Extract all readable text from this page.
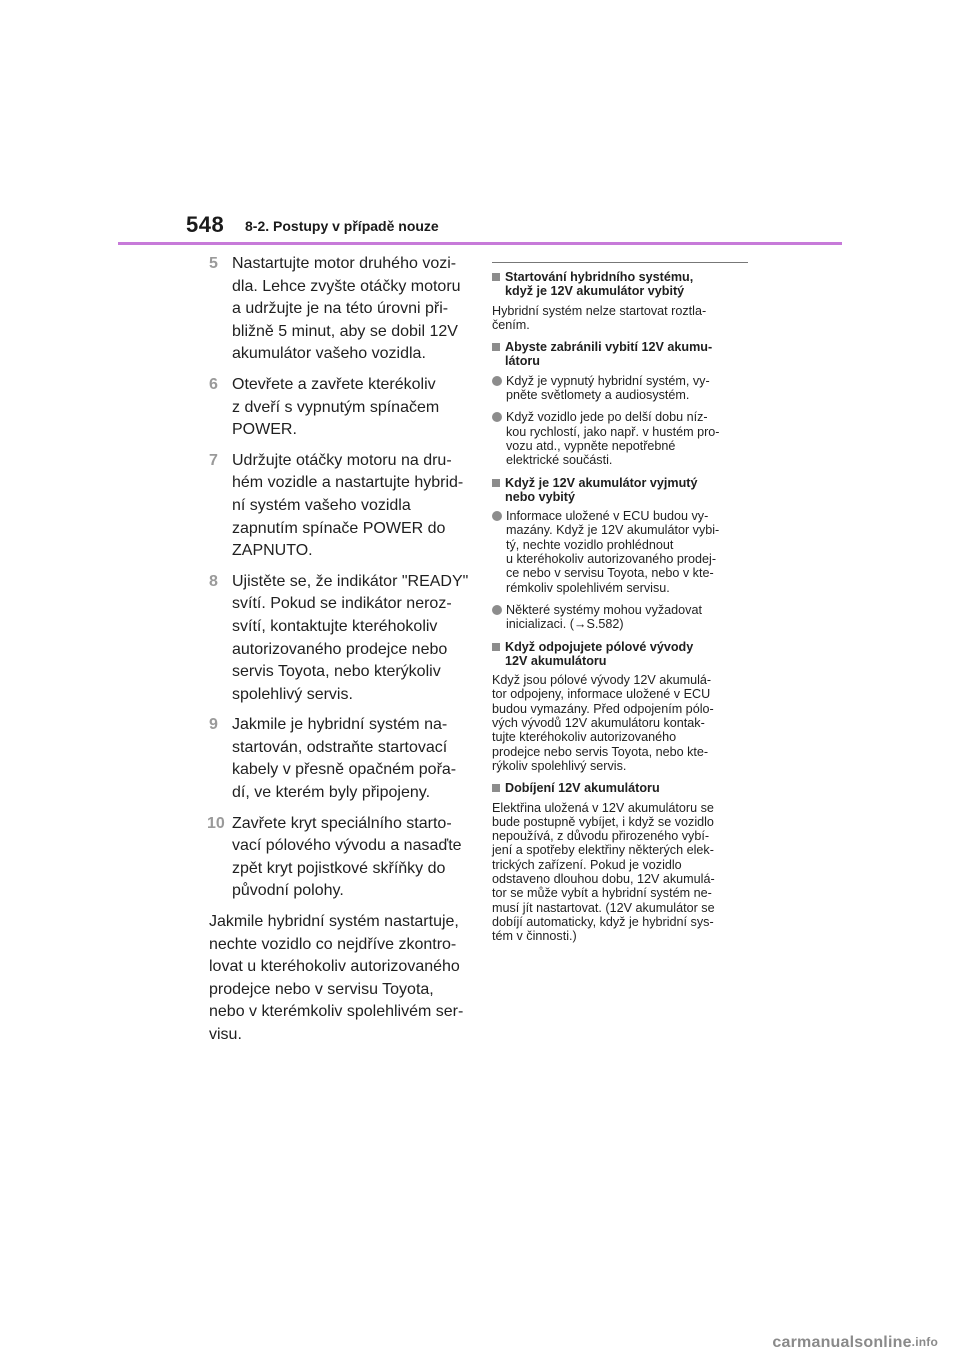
548 8-2. Postupy v případě nouze
5 Nastartujte motor druhého vozi-
dla. Lehce zvyšte otáčky motoru
a udržujte je na této úrovni při-
bližně 5 minut, aby se dobil 12V
akumulátor vašeho vozidla.
6 Otevřete a zavřete kterékoliv
z dveří s vypnutým spínačem
POWER.
7 Udržujte otáčky motoru na dru-
hém vozidle a nastartujte hybrid-
ní systém vašeho vozidla
zapnutím spínače POWER do
ZAPNUTO.
8 Ujistěte se, že indikátor "READY"
svítí. Pokud se indikátor neroz-
svítí, kontaktujte kteréhokoliv
autorizovaného prodejce nebo
servis Toyota, nebo kterýkoliv
spolehlivý servis.
9 Jakmile je hybridní systém na-
startován, odstraňte startovací
kabely v přesně opačném pořa-
dí, ve kterém byly připojeny.
10 Zavřete kryt speciálního starto-
vací pólového vývodu a nasaďte
zpět kryt pojistkové skříňky do
původní polohy.
Jakmile hybridní systém nastartuje,
nechte vozidlo co nejdříve zkontro-
lovat u kteréhokoliv autorizovaného
prodejce nebo v servisu Toyota,
nebo v kterémkoliv spolehlivém ser-
visu.
Startování hybridního systému,
když je 12V akumulátor vybitý
Hybridní systém nelze startovat roztla-
čením.
Abyste zabránili vybití 12V akumu-
látoru
Když je vypnutý hybridní systém, vy-
pněte světlomety a audiosystém.
Když vozidlo jede po delší dobu níz-
kou rychlostí, jako např. v hustém pro-
vozu atd., vypněte nepotřebné
elektrické součásti.
Když je 12V akumulátor vyjmutý
nebo vybitý
Informace uložené v ECU budou vy-
mazány. Když je 12V akumulátor vybi-
tý, nechte vozidlo prohlédnout
u kteréhokoliv autorizovaného prodej-
ce nebo v servisu Toyota, nebo v kte-
rémkoliv spolehlivém servisu.
Některé systémy mohou vyžadovat
inicializaci. (→S.582)
Když odpojujete pólové vývody
12V akumulátoru
Když jsou pólové vývody 12V akumulá-
tor odpojeny, informace uložené v ECU
budou vymazány. Před odpojením pólo-
vých vývodů 12V akumulátoru kontak-
tujte kteréhokoliv autorizovaného
prodejce nebo servis Toyota, nebo kte-
rýkoliv spolehlivý servis.
Dobíjení 12V akumulátoru
Elektřina uložená v 12V akumulátoru se
bude postupně vybíjet, i když se vozidlo
nepoužívá, z důvodu přirozeného vybí-
jení a spotřeby elektřiny některých elek-
trických zařízení. Pokud je vozidlo
odstaveno dlouhou dobu, 12V akumulá-
tor se může vybít a hybridní systém ne-
musí jít nastartovat. (12V akumulátor se
dobíjí automaticky, když je hybridní sys-
tém v činnosti.)
carmanualsonline.info
